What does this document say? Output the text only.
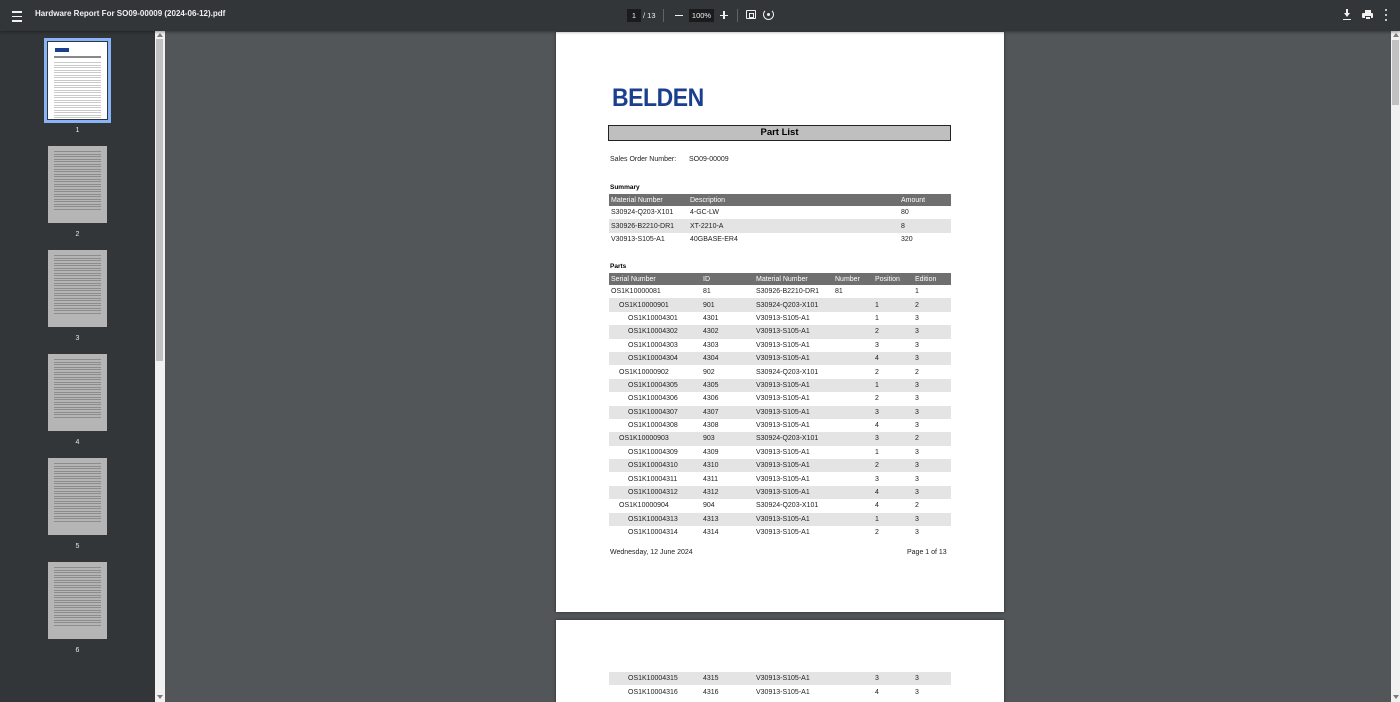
Hardware Report For SO09-00009 (2024-06-12).pdf	1 / 13	100%
1
2
3
4
5
6
BELDEN
Part List
Sales Order Number: SO09-00009
Summary
Material Number	Description	Amount
S30924-Q203-X101	4-GC-LW	80
S30926-B2210-DR1	XT-2210-A	8
V30913-S105-A1	40GBASE-ER4	320
Parts
Serial Number	ID	Material Number	Number	Position	Edition
OS1K10000081	81	S30926-B2210-DR1	81		1
OS1K10000901	901	S30924-Q203-X101		1	2
OS1K10004301	4301	V30913-S105-A1		1	3
OS1K10004302	4302	V30913-S105-A1		2	3
OS1K10004303	4303	V30913-S105-A1		3	3
OS1K10004304	4304	V30913-S105-A1		4	3
OS1K10000902	902	S30924-Q203-X101		2	2
OS1K10004305	4305	V30913-S105-A1		1	3
OS1K10004306	4306	V30913-S105-A1		2	3
OS1K10004307	4307	V30913-S105-A1		3	3
OS1K10004308	4308	V30913-S105-A1		4	3
OS1K10000903	903	S30924-Q203-X101		3	2
OS1K10004309	4309	V30913-S105-A1		1	3
OS1K10004310	4310	V30913-S105-A1		2	3
OS1K10004311	4311	V30913-S105-A1		3	3
OS1K10004312	4312	V30913-S105-A1		4	3
OS1K10000904	904	S30924-Q203-X101		4	2
OS1K10004313	4313	V30913-S105-A1		1	3
OS1K10004314	4314	V30913-S105-A1		2	3
Wednesday, 12 June 2024	Page 1 of 13
OS1K10004315	4315	V30913-S105-A1		3	3
OS1K10004316	4316	V30913-S105-A1		4	3
